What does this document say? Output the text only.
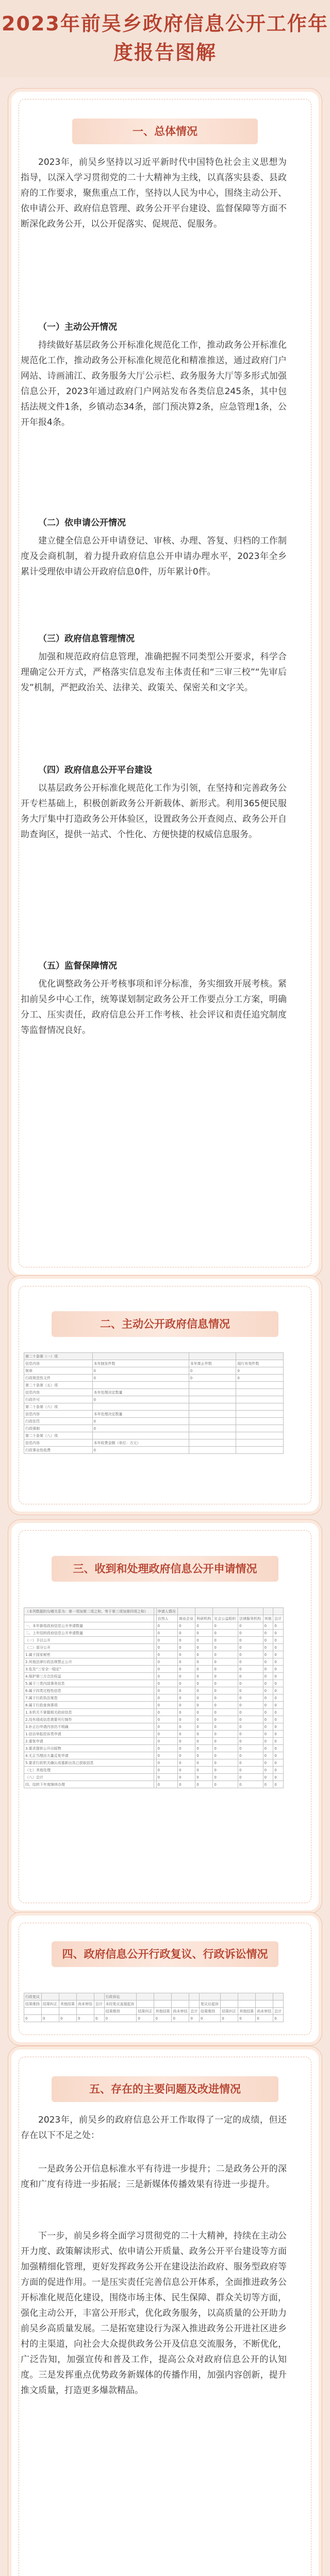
2023年前吴乡政府信息公开工作年度报告图解
一、总体情况
2023年，前吴乡坚持以习近平新时代中国特色社会主义思想为指导，以深入学习贯彻党的二十大精神为主线，以真落实县委、县政府的工作要求，聚焦重点工作，坚持以人民为中心，围绕主动公开、依申请公开、政府信息管理、政务公开平台建设、监督保障等方面不断深化政务公开，以公开促落实、促规范、促服务。
（一）主动公开情况
持续做好基层政务公开标准化规范化工作，推动政务公开标准化规范化工作，推动政务公开标准化规范化和精准推送，通过政府门户网站、诗画浦江、政务服务大厅公示栏、政务服务大厅等多形式加强信息公开，2023年通过政府门户网站发布各类信息245条，其中包括法规文件1条，乡镇动态34条，部门预决算2条，应急管理1条，公开年报4条。
（二）依申请公开情况
建立健全信息公开申请登记、审核、办理、答复、归档的工作制度及会商机制，着力提升政府信息公开申请办理水平，2023年全乡累计受理依申请公开政府信息0件，历年累计0件。
（三）政府信息管理情况
加强和规范政府信息管理，准确把握不同类型公开要求，科学合理确定公开方式，严格落实信息发布主体责任和“三审三校”“先审后发”机制，严把政治关、法律关、政策关、保密关和文字关。
（四）政府信息公开平台建设
以基层政务公开标准化规范化工作为引领，在坚持和完善政务公开专栏基础上，积极创新政务公开新载体、新形式。利用365便民服务大厅集中打造政务公开体验区，设置政务公开查阅点、政务公开自助查询区，提供一站式、个性化、方便快捷的权威信息服务。
（五）监督保障情况
优化调整政务公开考核事项和评分标准，务实细致开展考核。紧扣前吴乡中心工作，统筹谋划制定政务公开工作要点分工方案，明确分工、压实责任，政府信息公开工作考核、社会评议和责任追究制度等监督情况良好。
二、主动公开政府信息情况
第二十条第（一）项			
信息内容	本年制发件数	本年废止件数	现行有效件数
规章	0	0	0
行政规范性文件	0	0	0
第二十条第（五）项			
信息内容	本年处理决定数量		
行政许可	0		
第二十条第（六）项			
信息内容	本年处理决定数量		
行政处罚	0		
行政强制	0		
第二十条第（八）项			
信息内容	本年收费金额（单位：万元）		
行政事业性收费	0		
三、收到和处理政府信息公开申请情况
（本列数据的勾稽关系为：第一项加第二项之和，等于第三项加第四项之和）		申请人情况						
		自然人	商业企业	科研机构	社会公益组织	法律服务机构	其他	总计
一、本年新收政府信息公开申请数量		0	0	0	0	0	0	0
二、上年结转政府信息公开申请数量		0	0	0	0	0	0	0
（一）予以公开		0	0	0	0	0	0	0
（二）部分公开		0	0	0	0	0	0	0
1.属于国家秘密		0	0	0	0	0	0	0
2.其他法律行政法规禁止公开		0	0	0	0	0	0	0
3.危及“三安全一稳定”		0	0	0	0	0	0	0
4.保护第三方合法权益		0	0	0	0	0	0	0
5.属于三类内部事务信息		0	0	0	0	0	0	0
6.属于四类过程性信息		0	0	0	0	0	0	0
7.属于行政执法案卷		0	0	0	0	0	0	0
8.属于行政查询事项		0	0	0	0	0	0	0
1.本机关不掌握相关政府信息		0	0	0	0	0	0	0
2.没有现成信息需要另行制作		0	0	0	0	0	0	0
3.补正后申请内容仍不明确		0	0	0	0	0	0	0
1.信访举报投诉类申请		0	0	0	0	0	0	0
2.重复申请		0	0	0	0	0	0	0
3.要求提供公开出版物		0	0	0	0	0	0	0
4.无正当理由大量反复申请		0	0	0	0	0	0	0
5.要求行政机关确认或重新出具已获取信息		0	0	0	0	0	0	0
（七）其他处理		0	0	0	0	0	0	0
（八）总计		0	0	0	0	0	0	0
四、结转下年度继续办理		0	0	0	0	0	0	0
四、政府信息公开行政复议、行政诉讼情况
行政复议					行政诉讼									
结果维持	结果纠正	其他结果	尚未审结	总计	未经复议直接起诉					复议后起诉				
					结果维持	结果纠正	其他结果	尚未审结	总计	结果维持	结果纠正	其他结果	尚未审结	总计
0	0	0	0	0	0	0	0	0	0	0	0	0	0	0
五、存在的主要问题及改进情况
2023年，前吴乡的政府信息公开工作取得了一定的成绩，但还存在以下不足之处：
一是政务公开信息标准水平有待进一步提升；二是政务公开的深度和广度有待进一步拓展；三是新媒体传播效果有待进一步提升。
下一步，前吴乡将全面学习贯彻党的二十大精神，持续在主动公开力度、政策解读形式、依申请公开质量、政务公开平台建设等方面加强精细化管理，更好发挥政务公开在建设法治政府、服务型政府等方面的促进作用。一是压实责任完善信息公开体系，全面推进政务公开标准化规范化建设，围绕市场主体、民生保障、群众关切等方面，强化主动公开，丰富公开形式，优化政务服务，以高质量的公开助力前吴乡高质量发展。二是拓宽建设行为深入推进政务公开进社区进乡村的主渠道，向社会大众提供政务公开及信息交流服务，不断优化，广泛告知，加强宣传和普及工作，提高公众对政府信息公开的认知度。三是发挥重点优势政务新媒体的传播作用，加强内容创新，提升推文质量，打造更多爆款精品。
